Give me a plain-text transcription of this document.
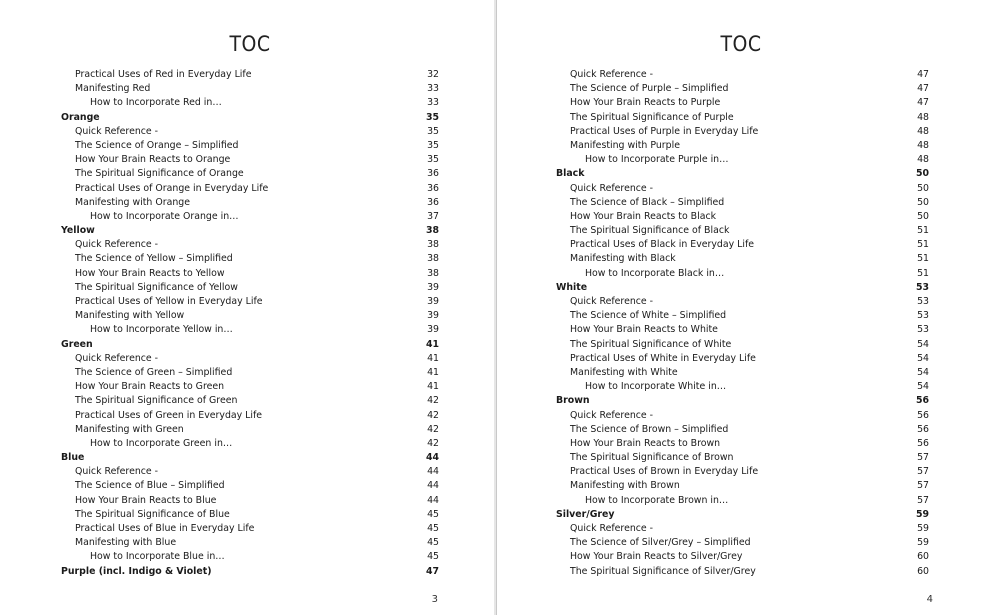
TOC
Practical Uses of Red in Everyday Life	32
Manifesting Red	33
How to Incorporate Red in…	33
Orange	35
Quick Reference -	35
The Science of Orange – Simplified	35
How Your Brain Reacts to Orange	35
The Spiritual Significance of Orange	36
Practical Uses of Orange in Everyday Life	36
Manifesting with Orange	36
How to Incorporate Orange in…	37
Yellow	38
Quick Reference -	38
The Science of Yellow – Simplified	38
How Your Brain Reacts to Yellow	38
The Spiritual Significance of Yellow	39
Practical Uses of Yellow in Everyday Life	39
Manifesting with Yellow	39
How to Incorporate Yellow in…	39
Green	41
Quick Reference -	41
The Science of Green – Simplified	41
How Your Brain Reacts to Green	41
The Spiritual Significance of Green	42
Practical Uses of Green in Everyday Life	42
Manifesting with Green	42
How to Incorporate Green in…	42
Blue	44
Quick Reference -	44
The Science of Blue – Simplified	44
How Your Brain Reacts to Blue	44
The Spiritual Significance of Blue	45
Practical Uses of Blue in Everyday Life	45
Manifesting with Blue	45
How to Incorporate Blue in…	45
Purple (incl. Indigo & Violet)	47
3
TOC
Quick Reference -	47
The Science of Purple – Simplified	47
How Your Brain Reacts to Purple	47
The Spiritual Significance of Purple	48
Practical Uses of Purple in Everyday Life	48
Manifesting with Purple	48
How to Incorporate Purple in…	48
Black	50
Quick Reference -	50
The Science of Black – Simplified	50
How Your Brain Reacts to Black	50
The Spiritual Significance of Black	51
Practical Uses of Black in Everyday Life	51
Manifesting with Black	51
How to Incorporate Black in…	51
White	53
Quick Reference -	53
The Science of White – Simplified	53
How Your Brain Reacts to White	53
The Spiritual Significance of White	54
Practical Uses of White in Everyday Life	54
Manifesting with White	54
How to Incorporate White in…	54
Brown	56
Quick Reference -	56
The Science of Brown – Simplified	56
How Your Brain Reacts to Brown	56
The Spiritual Significance of Brown	57
Practical Uses of Brown in Everyday Life	57
Manifesting with Brown	57
How to Incorporate Brown in…	57
Silver/Grey	59
Quick Reference -	59
The Science of Silver/Grey – Simplified	59
How Your Brain Reacts to Silver/Grey	60
The Spiritual Significance of Silver/Grey	60
4
